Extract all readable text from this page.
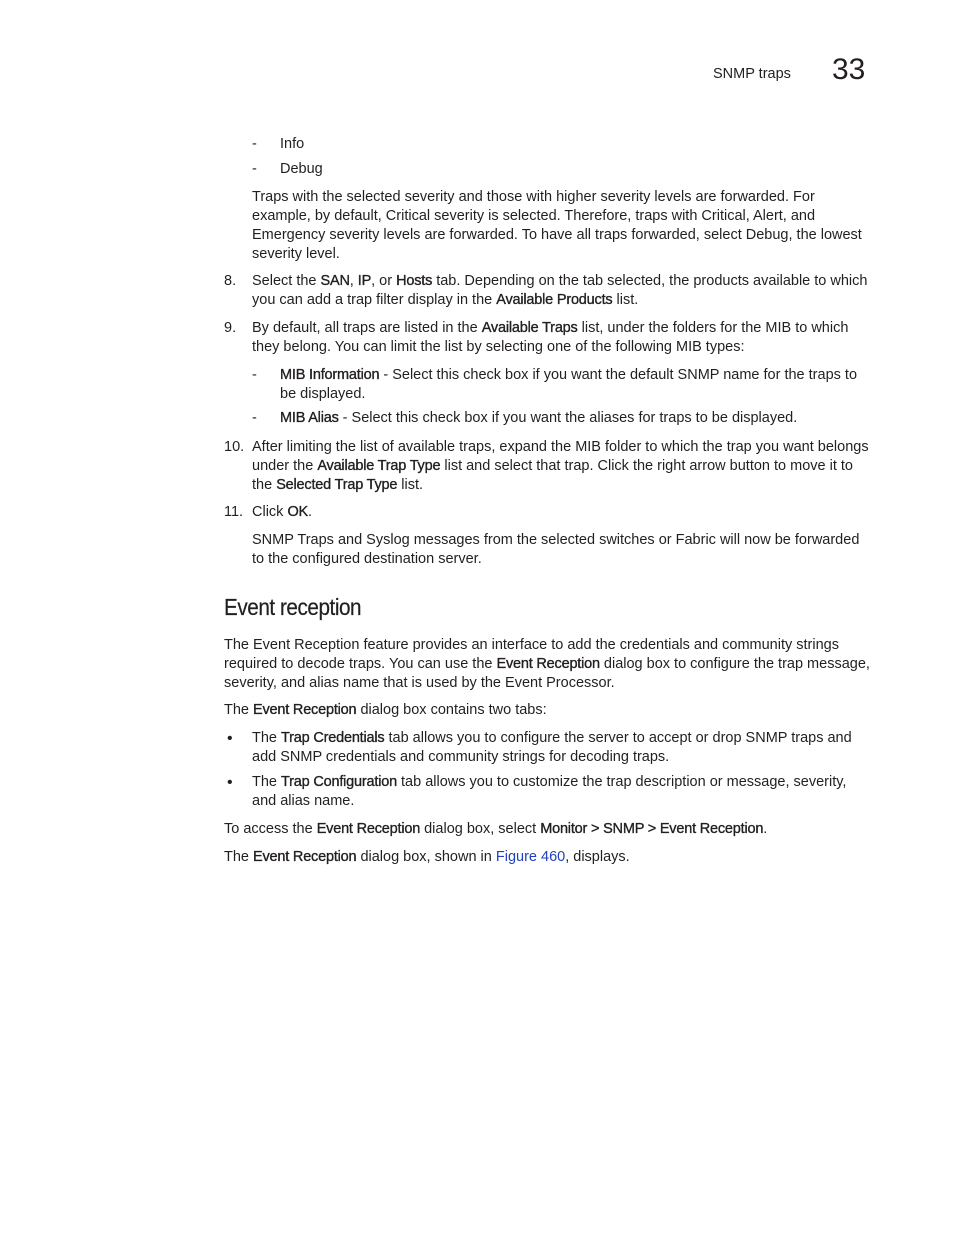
SNMP traps 33
- Info
- Debug

Traps with the selected severity and those with higher severity levels are forwarded. For example, by default, Critical severity is selected. Therefore, traps with Critical, Alert, and Emergency severity levels are forwarded. To have all traps forwarded, select Debug, the lowest severity level.

8. Select the SAN, IP, or Hosts tab. Depending on the tab selected, the products available to which you can add a trap filter display in the Available Products list.

9. By default, all traps are listed in the Available Traps list, under the folders for the MIB to which they belong. You can limit the list by selecting one of the following MIB types:

- MIB Information - Select this check box if you want the default SNMP name for the traps to be displayed.

- MIB Alias - Select this check box if you want the aliases for traps to be displayed.

10. After limiting the list of available traps, expand the MIB folder to which the trap you want belongs under the Available Trap Type list and select that trap. Click the right arrow button to move it to the Selected Trap Type list.

11. Click OK.

SNMP Traps and Syslog messages from the selected switches or Fabric will now be forwarded to the configured destination server.

Event reception

The Event Reception feature provides an interface to add the credentials and community strings required to decode traps. You can use the Event Reception dialog box to configure the trap message, severity, and alias name that is used by the Event Processor.

The Event Reception dialog box contains two tabs:

• The Trap Credentials tab allows you to configure the server to accept or drop SNMP traps and add SNMP credentials and community strings for decoding traps.

• The Trap Configuration tab allows you to customize the trap description or message, severity, and alias name.

To access the Event Reception dialog box, select Monitor > SNMP > Event Reception.

The Event Reception dialog box, shown in Figure 460, displays.
